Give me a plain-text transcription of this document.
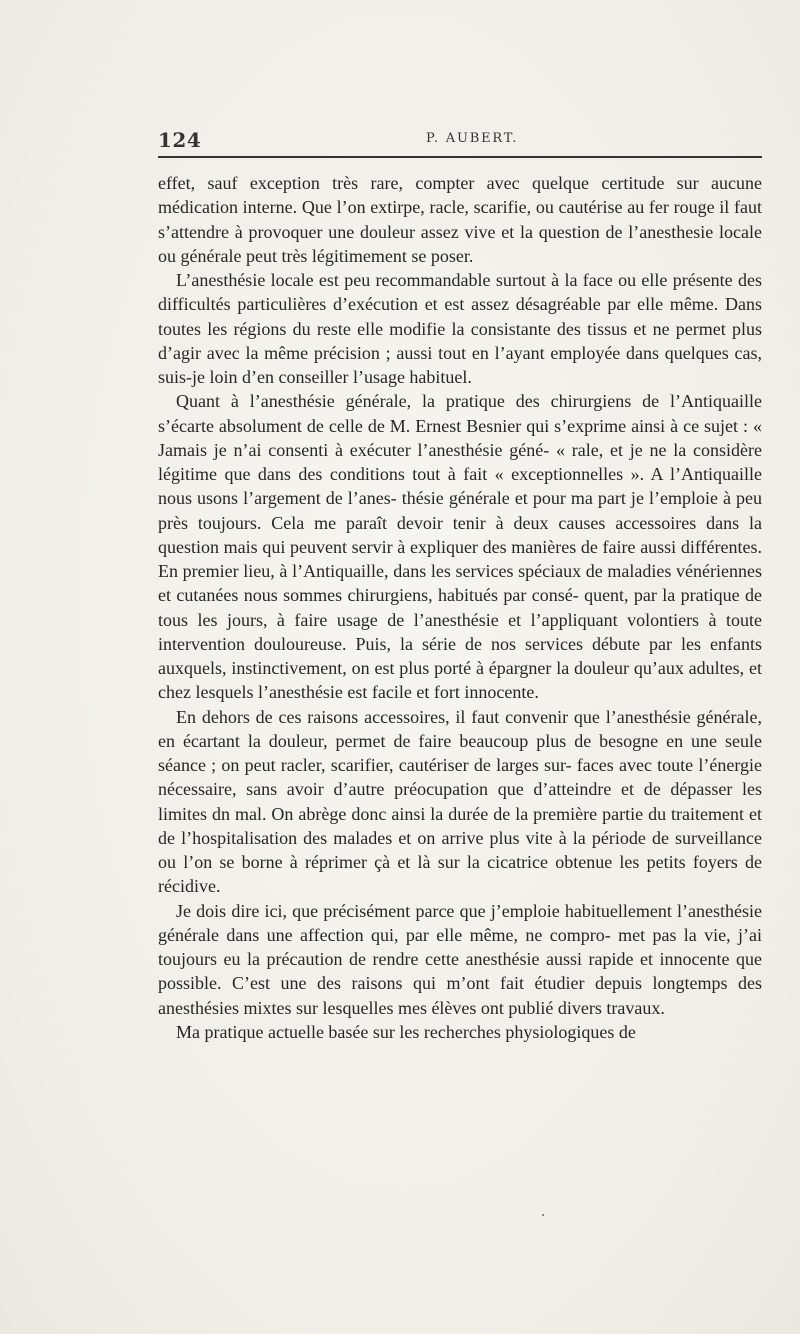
124	P. AUBERT.

effet, sauf exception très rare, compter avec quelque certitude sur aucune médication interne. Que l’on extirpe, racle, scarifie, ou cautérise au fer rouge il faut s’attendre à provoquer une douleur assez vive et la question de l’anesthesie locale ou générale peut très légitimement se poser.

L’anesthésie locale est peu recommandable surtout à la face ou elle présente des difficultés particulières d’exécution et est assez désagréable par elle même. Dans toutes les régions du reste elle modifie la consistante des tissus et ne permet plus d’agir avec la même précision ; aussi tout en l’ayant employée dans quelques cas, suis-je loin d’en conseiller l’usage habituel.

Quant à l’anesthésie générale, la pratique des chirurgiens de l’Antiquaille s’écarte absolument de celle de M. Ernest Besnier qui s’exprime ainsi à ce sujet : « Jamais je n’ai consenti à exécuter l’anesthésie géné- « rale, et je ne la considère légitime que dans des conditions tout à fait « exceptionnelles ». A l’Antiquaille nous usons l’argement de l’anes- thésie générale et pour ma part je l’emploie à peu près toujours. Cela me paraît devoir tenir à deux causes accessoires dans la question mais qui peuvent servir à expliquer des manières de faire aussi différentes. En premier lieu, à l’Antiquaille, dans les services spéciaux de maladies vénériennes et cutanées nous sommes chirurgiens, habitués par consé- quent, par la pratique de tous les jours, à faire usage de l’anesthésie et l’appliquant volontiers à toute intervention douloureuse. Puis, la série de nos services débute par les enfants auxquels, instinctivement, on est plus porté à épargner la douleur qu’aux adultes, et chez lesquels l’anesthésie est facile et fort innocente.

En dehors de ces raisons accessoires, il faut convenir que l’anesthésie générale, en écartant la douleur, permet de faire beaucoup plus de besogne en une seule séance ; on peut racler, scarifier, cautériser de larges sur- faces avec toute l’énergie nécessaire, sans avoir d’autre préocupation que d’atteindre et de dépasser les limites dn mal. On abrège donc ainsi la durée de la première partie du traitement et de l’hospitalisation des malades et on arrive plus vite à la période de surveillance ou l’on se borne à réprimer çà et là sur la cicatrice obtenue les petits foyers de récidive.

Je dois dire ici, que précisément parce que j’emploie habituellement l’anesthésie générale dans une affection qui, par elle même, ne compro- met pas la vie, j’ai toujours eu la précaution de rendre cette anesthésie aussi rapide et innocente que possible. C’est une des raisons qui m’ont fait étudier depuis longtemps des anesthésies mixtes sur lesquelles mes élèves ont publié divers travaux.

Ma pratique actuelle basée sur les recherches physiologiques de
